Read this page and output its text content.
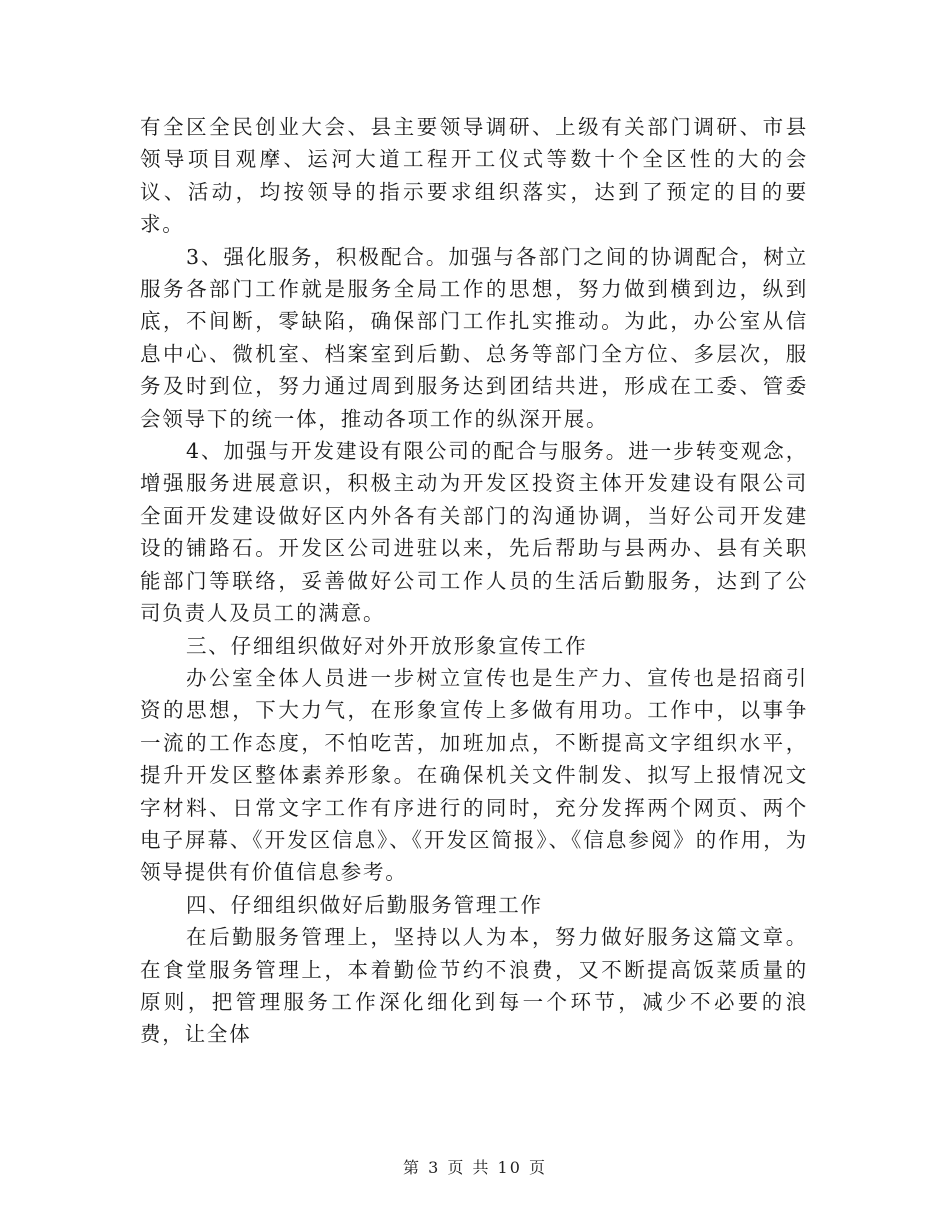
有全区全民创业大会、县主要领导调研、上级有关部门调研、市县领导项目观摩、运河大道工程开工仪式等数十个全区性的大的会议、活动，均按领导的指示要求组织落实，达到了预定的目的要求。

3、强化服务，积极配合。加强与各部门之间的协调配合，树立服务各部门工作就是服务全局工作的思想，努力做到横到边，纵到底，不间断，零缺陷，确保部门工作扎实推动。为此，办公室从信息中心、微机室、档案室到后勤、总务等部门全方位、多层次，服务及时到位，努力通过周到服务达到团结共进，形成在工委、管委会领导下的统一体，推动各项工作的纵深开展。

4、加强与开发建设有限公司的配合与服务。进一步转变观念，增强服务进展意识，积极主动为开发区投资主体开发建设有限公司全面开发建设做好区内外各有关部门的沟通协调，当好公司开发建设的铺路石。开发区公司进驻以来，先后帮助与县两办、县有关职能部门等联络，妥善做好公司工作人员的生活后勤服务，达到了公司负责人及员工的满意。

三、仔细组织做好对外开放形象宣传工作

办公室全体人员进一步树立宣传也是生产力、宣传也是招商引资的思想，下大力气，在形象宣传上多做有用功。工作中，以事争一流的工作态度，不怕吃苦，加班加点，不断提高文字组织水平，提升开发区整体素养形象。在确保机关文件制发、拟写上报情况文字材料、日常文字工作有序进行的同时，充分发挥两个网页、两个电子屏幕、《开发区信息》、《开发区简报》、《信息参阅》的作用，为领导提供有价值信息参考。

四、仔细组织做好后勤服务管理工作

在后勤服务管理上，坚持以人为本，努力做好服务这篇文章。在食堂服务管理上，本着勤俭节约不浪费，又不断提高饭菜质量的原则，把管理服务工作深化细化到每一个环节，减少不必要的浪费，让全体

第 3 页 共 10 页
